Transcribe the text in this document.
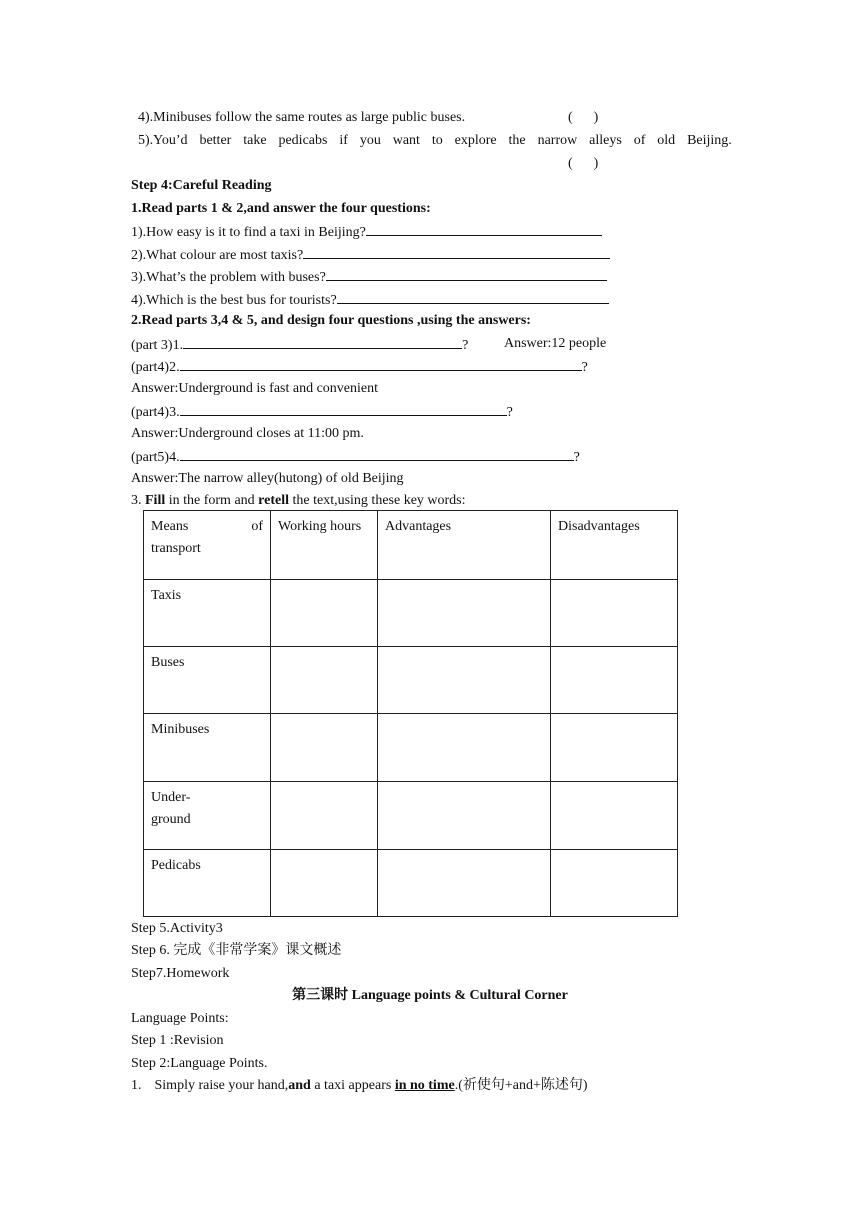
4).Minibuses follow the same routes as large public buses.	(      )
5).You’d better take pedicabs if you want to explore the narrow alleys of old Beijing.
(      )
Step 4:Careful Reading
1.Read parts 1 & 2,and answer the four questions:
1).How easy is it to find a taxi in Beijing?
2).What colour are most taxis?
3).What’s the problem with buses?
4).Which is the best bus for tourists?
2.Read parts 3,4 & 5, and design four questions ,using the answers:
(part 3)1.	?	Answer:12 people
(part4)2.	?
Answer:Underground is fast and convenient
(part4)3.	?
Answer:Underground closes at 11:00 pm.
(part5)4.	?
Answer:The narrow alley(hutong) of old Beijing
3. Fill in the form and retell the text,using these key words:
Means of
transport	Working hours	Advantages	Disadvantages
Taxis			
Buses			
Minibuses			

Under-
ground			

Pedicabs			
Step 5.Activity3
Step 6. 完成《非常学案》课文概述
Step7.Homework
第三课时 Language points & Cultural Corner
Language Points:
Step 1 :Revision
Step 2:Language Points.
1. Simply raise your hand,and a taxi appears in no time.(祈使句+and+陈述句)
